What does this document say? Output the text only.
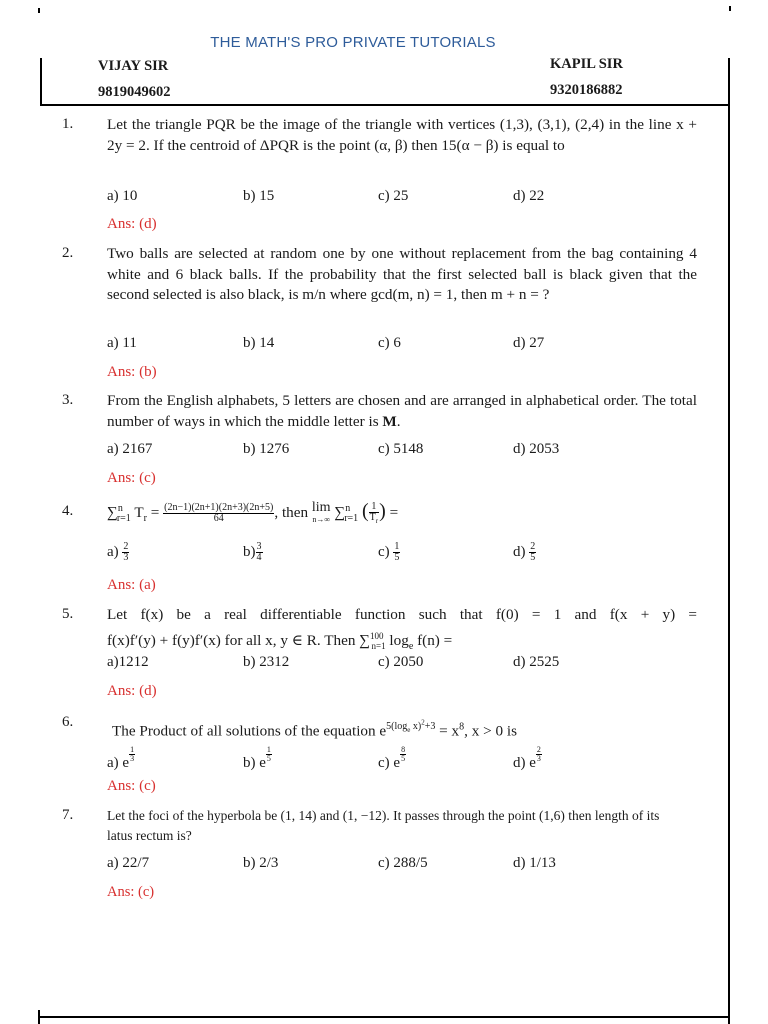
THE MATH'S PRO PRIVATE TUTORIALS
VIJAY SIR
9819049602
KAPIL SIR
9320186882
1. Let the triangle PQR be the image of the triangle with vertices (1,3), (3,1), (2,4) in the line x + 2y = 2. If the centroid of ΔPQR is the point (α, β) then 15(α − β) is equal to
a) 10	b) 15	c) 25	d) 22
Ans: (d)
2. Two balls are selected at random one by one without replacement from the bag containing 4 white and 6 black balls. If the probability that the first selected ball is black given that the second selected is also black, is m/n where gcd(m, n) = 1, then m + n = ?
a) 11	b) 14	c) 6	d) 27
Ans: (b)
3. From the English alphabets, 5 letters are chosen and are arranged in alphabetical order. The total number of ways in which the middle letter is M.
a) 2167	b) 1276	c) 5148	d) 2053
Ans: (c)
4. ∑$^n_{r=1}$ $T_r = \frac{(2n-1)(2n+1)(2n+3)(2n+5)}{64}$ , then lim
n→∞ ∑$^n_{r=1}$ ( $\frac{1}{T_r}$ ) =
$a) \frac{2}{3}$	$b) \frac{3}{4}$	$c) \frac{1}{5}$	$d) \frac{2}{5}$
Ans: (a)
5. Let f(x) be a real differentiable function such that f(0) = 1 and f(x + y) =
f(x)f′(y) + f(y)f′(x) for all x, y ∈ R. Then ∑$^{100}_{n=1}$ $\log_e f(n)$ =
a)1212	b) 2312	c) 2050	d) 2525
Ans: (d)
6.
The Product of all solutions of the equation $e^{5(log_e x)^2+3} = x^8$, x > 0 is
a) e $\frac{1}{3}$	b) e $\frac{1}{5}$	c) e $\frac{8}{5}$	d) e $\frac{2}{3}$
Ans: (c)
7.	Let the foci of the hyperbola be (1, 14) and (1, −12). It passes through the point (1,6) then length of its latus rectum is?
a) 22/7	b) 2/3	c) 288/5	d) 1/13
Ans: (c)
